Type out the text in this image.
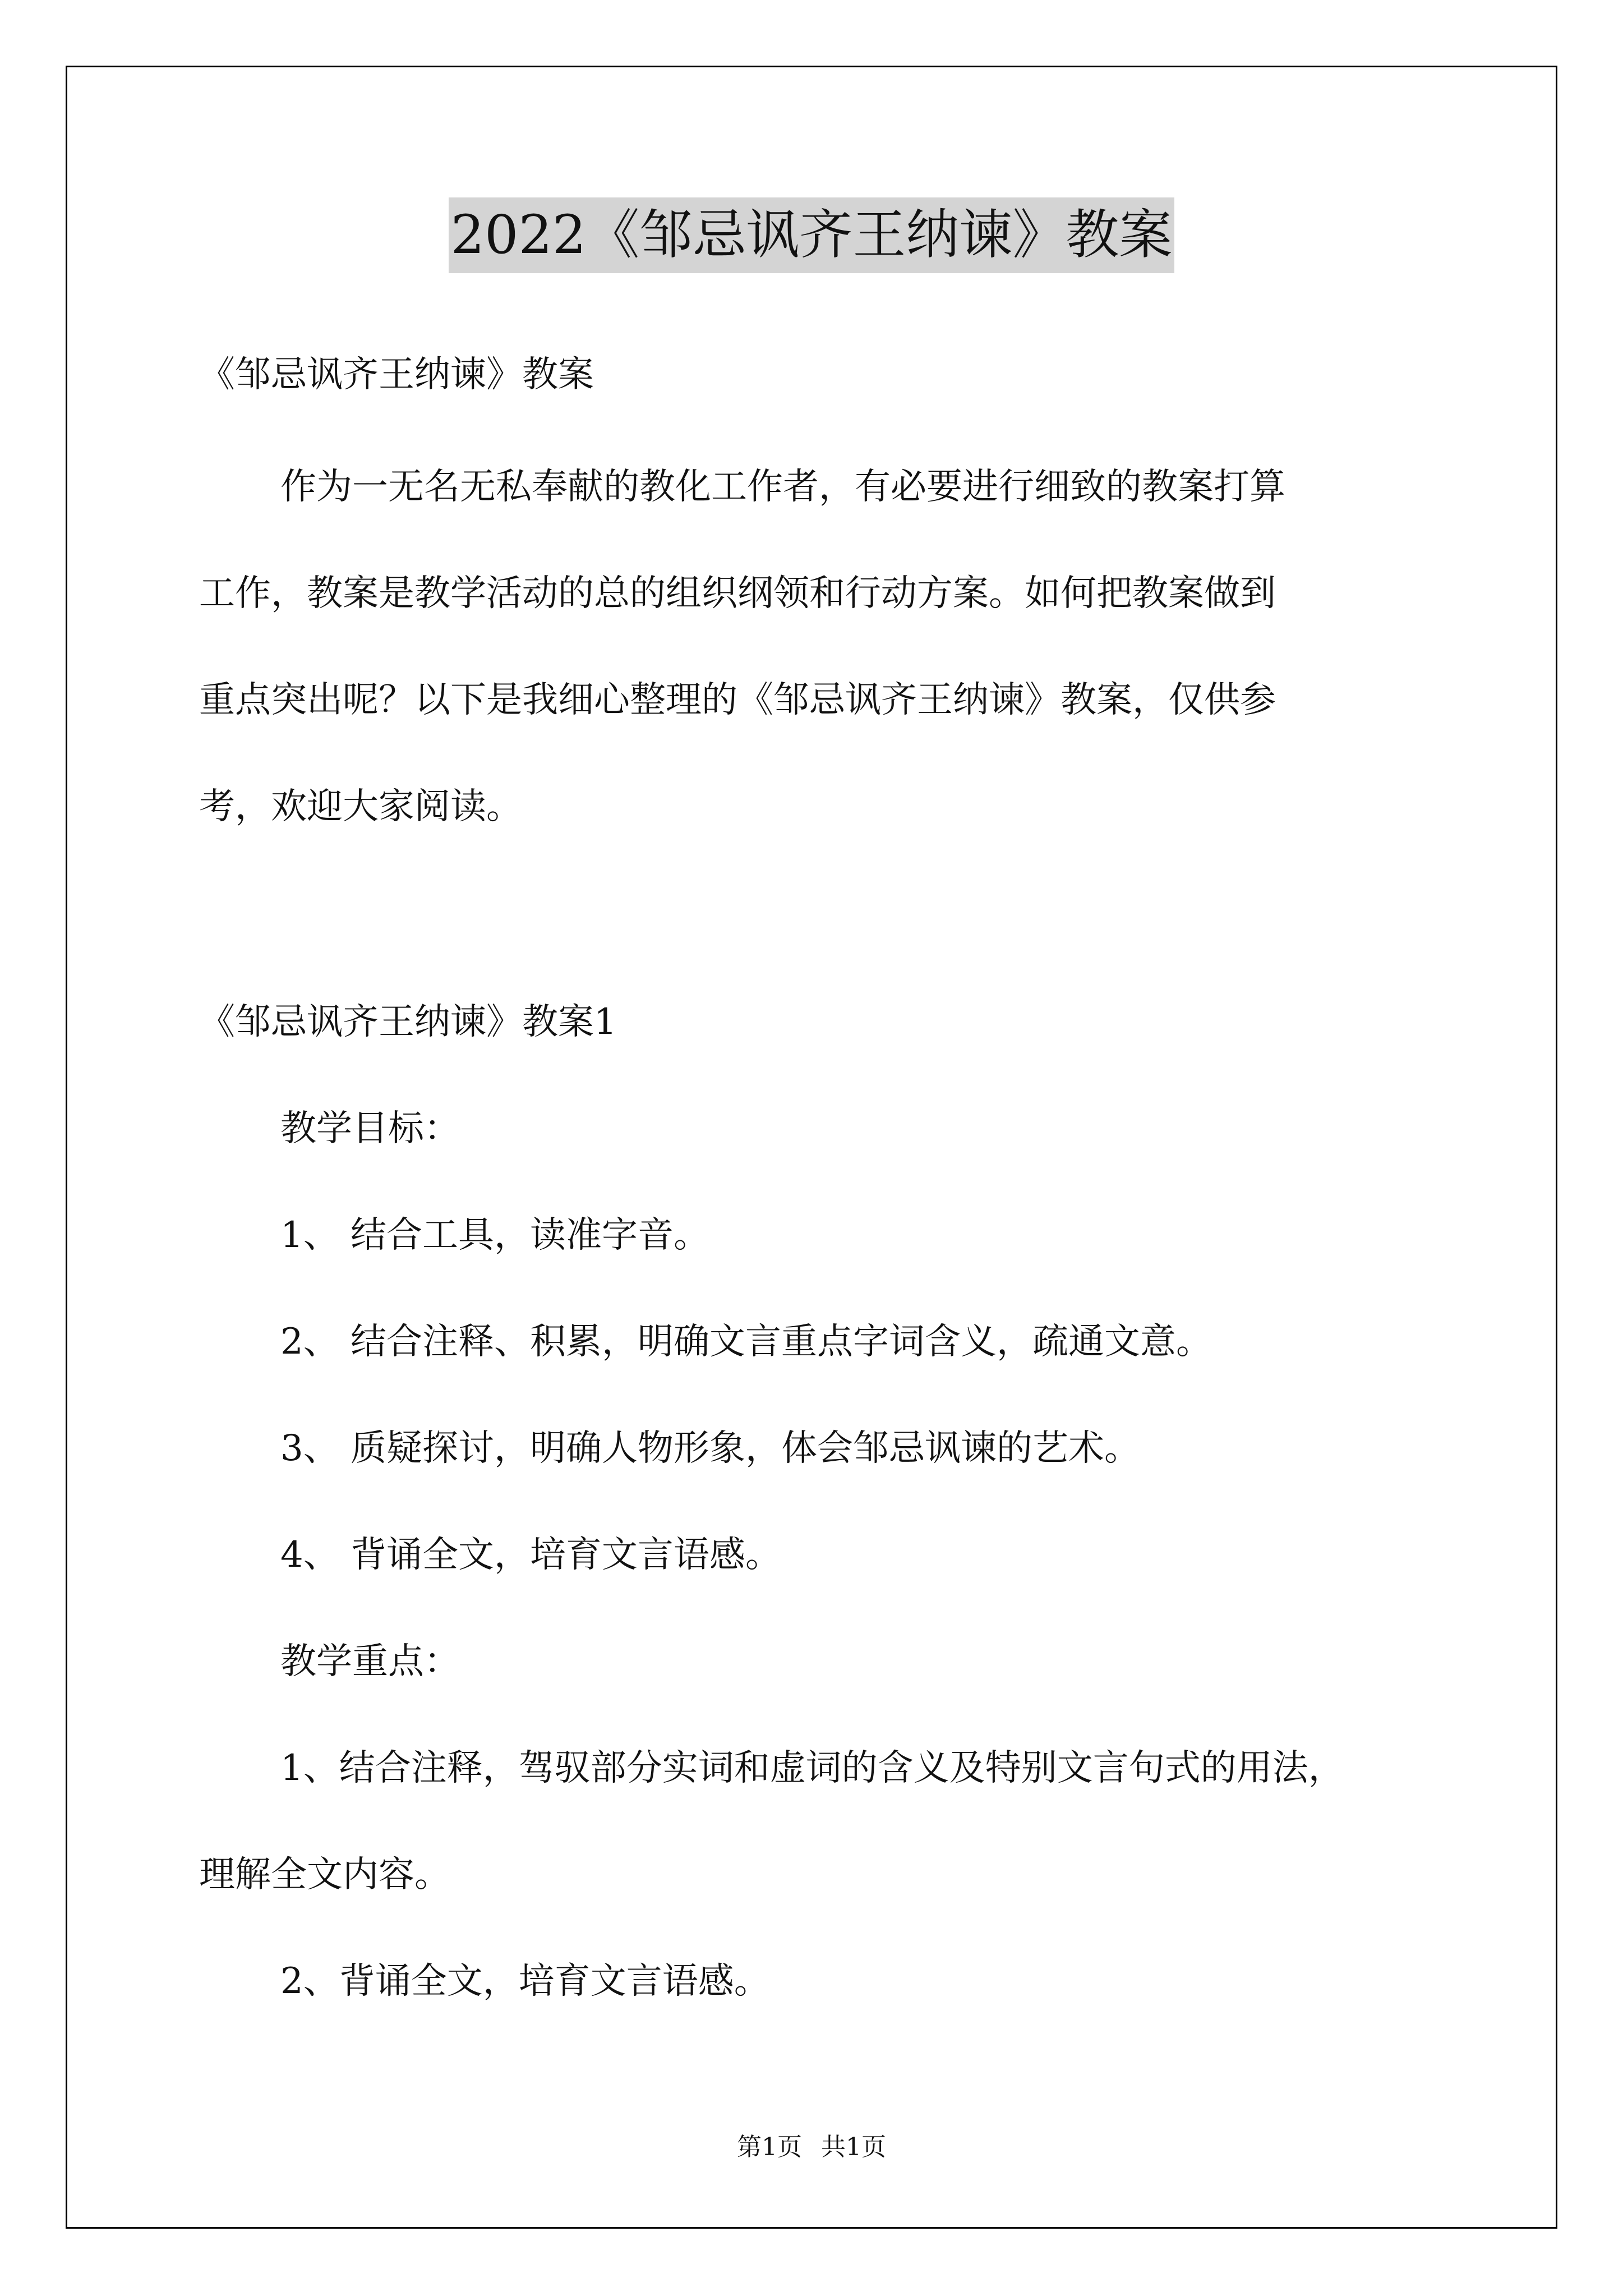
2022《邹忌讽齐王纳谏》教案
《邹忌讽齐王纳谏》教案
作为一无名无私奉献的教化工作者，有必要进行细致的教案打算
工作，教案是教学活动的总的组织纲领和行动方案。如何把教案做到
重点突出呢？以下是我细心整理的《邹忌讽齐王纳谏》教案，仅供参
考，欢迎大家阅读。
《邹忌讽齐王纳谏》教案1
教学目标：
1、 结合工具，读准字音。
2、 结合注释、积累，明确文言重点字词含义，疏通文意。
3、 质疑探讨，明确人物形象，体会邹忌讽谏的艺术。
4、 背诵全文，培育文言语感。
教学重点：
1、结合注释，驾驭部分实词和虚词的含义及特别文言句式的用法，
理解全文内容。
2、背诵全文，培育文言语感。
第1页 共1页
